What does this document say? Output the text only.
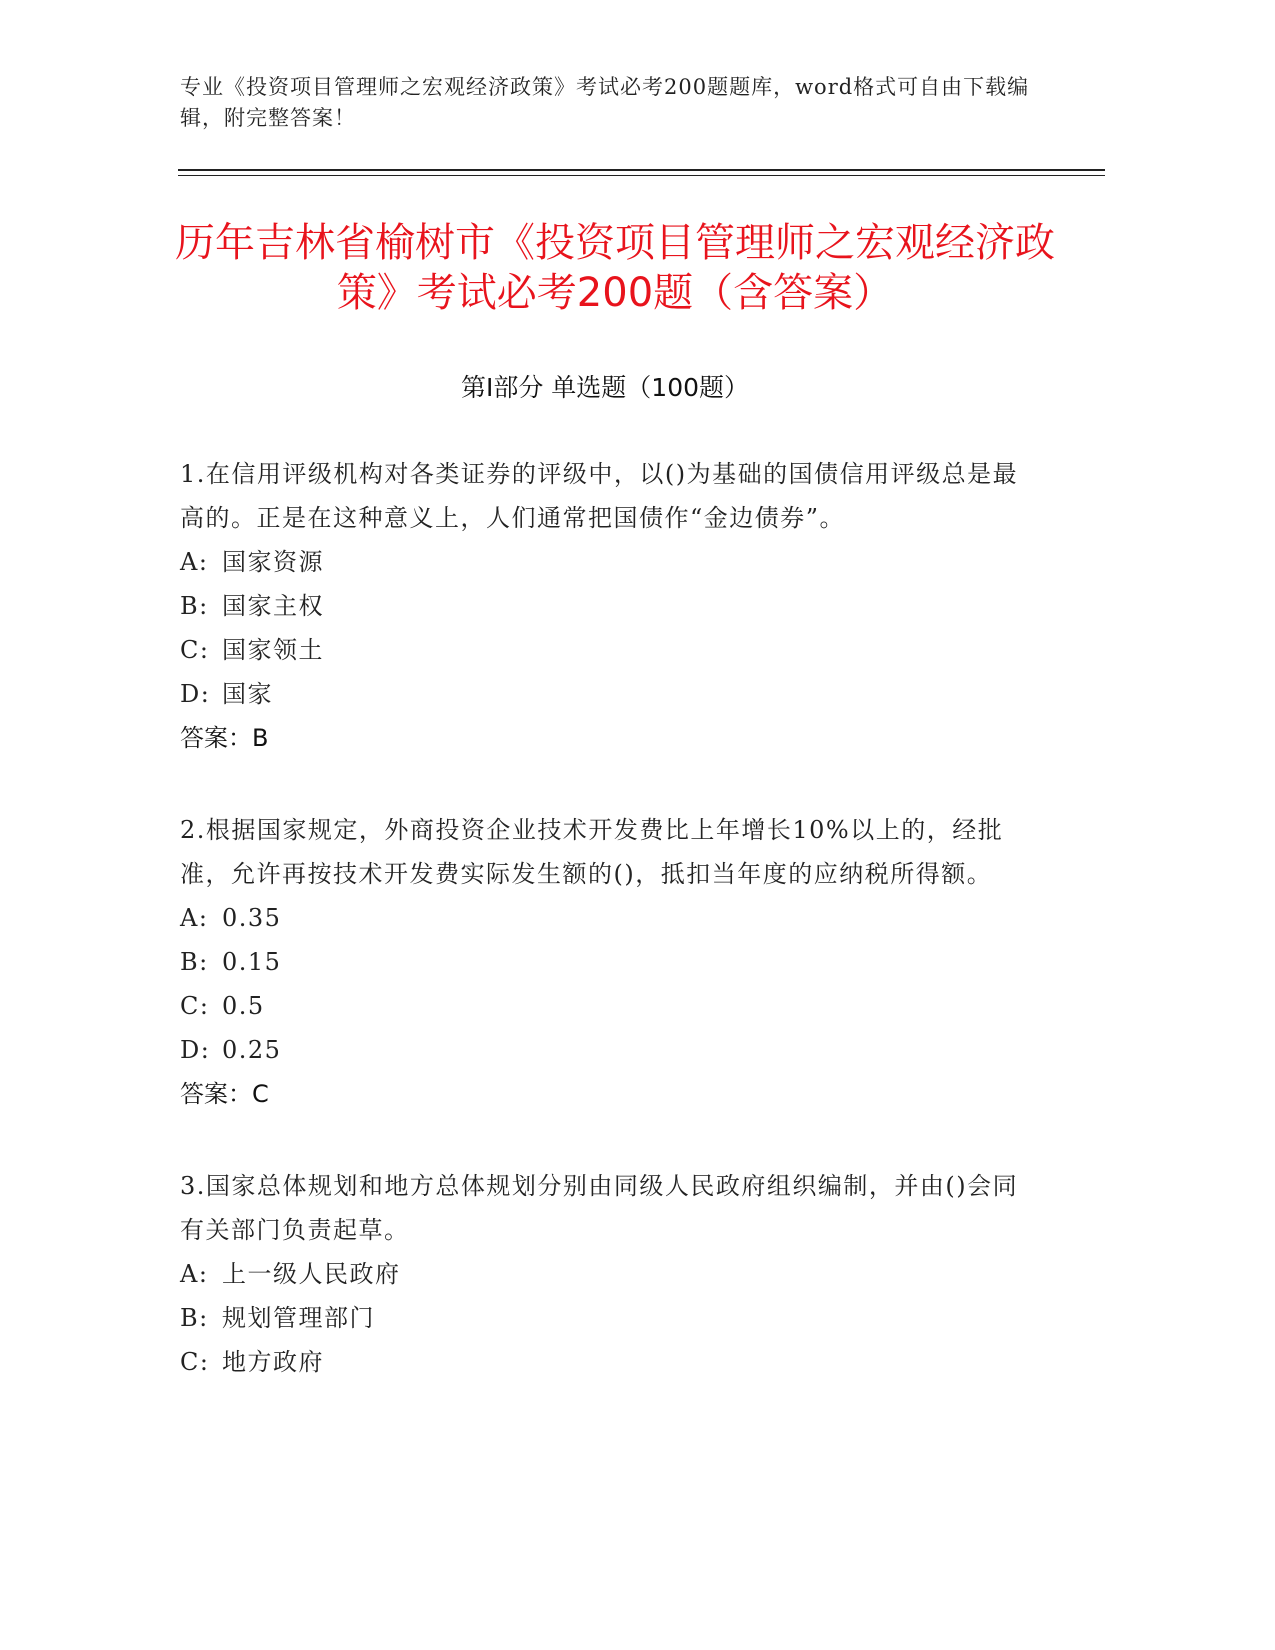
专业《投资项目管理师之宏观经济政策》考试必考200题题库，word格式可自由下载编辑，附完整答案！
历年吉林省榆树市《投资项目管理师之宏观经济政策》考试必考200题（含答案）
第I部分 单选题（100题）

1.在信用评级机构对各类证券的评级中，以()为基础的国债信用评级总是最高的。正是在这种意义上，人们通常把国债作“金边债券”。

A: 国家资源

B: 国家主权

C: 国家领土

D: 国家

答案：B

2.根据国家规定，外商投资企业技术开发费比上年增长10%以上的，经批准，允许再按技术开发费实际发生额的()，抵扣当年度的应纳税所得额。

A: 0.35

B: 0.15

C: 0.5

D: 0.25

答案：C

3.国家总体规划和地方总体规划分别由同级人民政府组织编制，并由()会同有关部门负责起草。

A: 上一级人民政府

B: 规划管理部门

C: 地方政府
